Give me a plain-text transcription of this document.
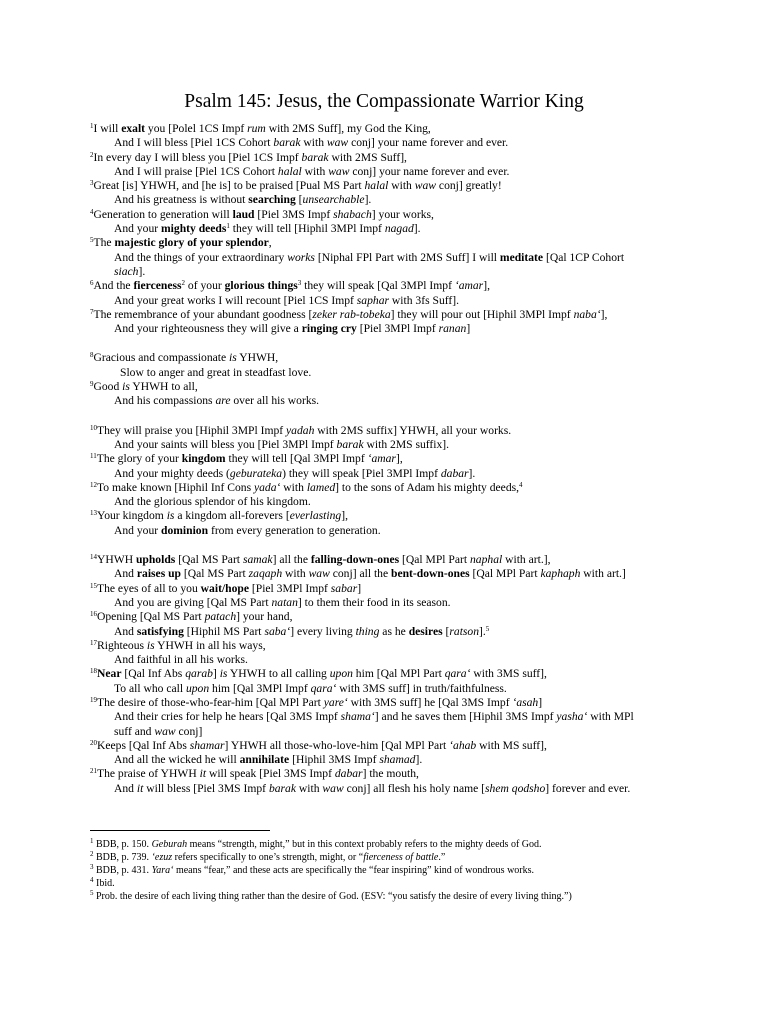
Psalm 145: Jesus, the Compassionate Warrior King
$^1$I will exalt you [Polel 1CS Impf rum with 2MS Suff], my God the King,
And I will bless [Piel 1CS Cohort barak with waw conj] your name forever and ever.
$^2$In every day I will bless you [Piel 1CS Impf barak with 2MS Suff],
And I will praise [Piel 1CS Cohort halal with waw conj] your name forever and ever.
$^3$Great [is] YHWH, and [he is] to be praised [Pual MS Part halal with waw conj] greatly!
And his greatness is without searching [unsearchable].
$^4$Generation to generation will laud [Piel 3MS Impf shabach] your works,
And your mighty deeds$^1$ they will tell [Hiphil 3MPl Impf nagad].
$^5$The majestic glory of your splendor,
And the things of your extraordinary works [Niphal FPl Part with 2MS Suff] I will meditate [Qal 1CP Cohort
siach].
$^6$And the fierceness$^2$ of your glorious things$^3$ they will speak [Qal 3MPl Impf ‘amar],
And your great works I will recount [Piel 1CS Impf saphar with 3fs Suff].
$^7$The remembrance of your abundant goodness [zeker rab-tobeka] they will pour out [Hiphil 3MPl Impf naba‘],
And your righteousness they will give a ringing cry [Piel 3MPl Impf ranan]
$^8$Gracious and compassionate is YHWH,
Slow to anger and great in steadfast love.
$^9$Good is YHWH to all,
And his compassions are over all his works.
$^{10}$They will praise you [Hiphil 3MPl Impf yadah with 2MS suffix] YHWH, all your works.
And your saints will bless you [Piel 3MPl Impf barak with 2MS suffix].
$^{11}$The glory of your kingdom they will tell [Qal 3MPl Impf ‘amar],
And your mighty deeds (geburateka) they will speak [Piel 3MPl Impf dabar].
$^{12}$To make known [Hiphil Inf Cons yada‘ with lamed] to the sons of Adam his mighty deeds,$^4$
And the glorious splendor of his kingdom.
$^{13}$Your kingdom is a kingdom all-forevers [everlasting],
And your dominion from every generation to generation.
$^{14}$YHWH upholds [Qal MS Part samak] all the falling-down-ones [Qal MPl Part naphal with art.],
And raises up [Qal MS Part zaqaph with waw conj] all the bent-down-ones [Qal MPl Part kaphaph with art.]
$^{15}$The eyes of all to you wait/hope [Piel 3MPl Impf sabar]
And you are giving [Qal MS Part natan] to them their food in its season.
$^{16}$Opening [Qal MS Part patach] your hand,
And satisfying [Hiphil MS Part saba‘] every living thing as he desires [ratson].$^5$
$^{17}$Righteous is YHWH in all his ways,
And faithful in all his works.
$^{18}$Near [Qal Inf Abs qarab] is YHWH to all calling upon him [Qal MPl Part qara‘ with 3MS suff],
To all who call upon him [Qal 3MPl Impf qara‘ with 3MS suff] in truth/faithfulness.
$^{19}$The desire of those-who-fear-him [Qal MPl Part yare‘ with 3MS suff] he [Qal 3MS Impf ‘asah]
And their cries for help he hears [Qal 3MS Impf shama‘] and he saves them [Hiphil 3MS Impf yasha‘ with MPl
suff and waw conj]
$^{20}$Keeps [Qal Inf Abs shamar] YHWH all those-who-love-him [Qal MPl Part ‘ahab with MS suff],
And all the wicked he will annihilate [Hiphil 3MS Impf shamad].
$^{21}$The praise of YHWH it will speak [Piel 3MS Impf dabar] the mouth,
And it will bless [Piel 3MS Impf barak with waw conj] all flesh his holy name [shem qodsho] forever and ever.
$^1$ BDB, p. 150. Geburah means “strength, might,” but in this context probably refers to the mighty deeds of God.
$^2$ BDB, p. 739. ‘ezuz refers specifically to one’s strength, might, or “fierceness of battle.”
$^3$ BDB, p. 431. Yara‘ means “fear,” and these acts are specifically the “fear inspiring” kind of wondrous works.
$^4$ Ibid.
$^5$ Prob. the desire of each living thing rather than the desire of God. (ESV: “you satisfy the desire of every living thing.”)
